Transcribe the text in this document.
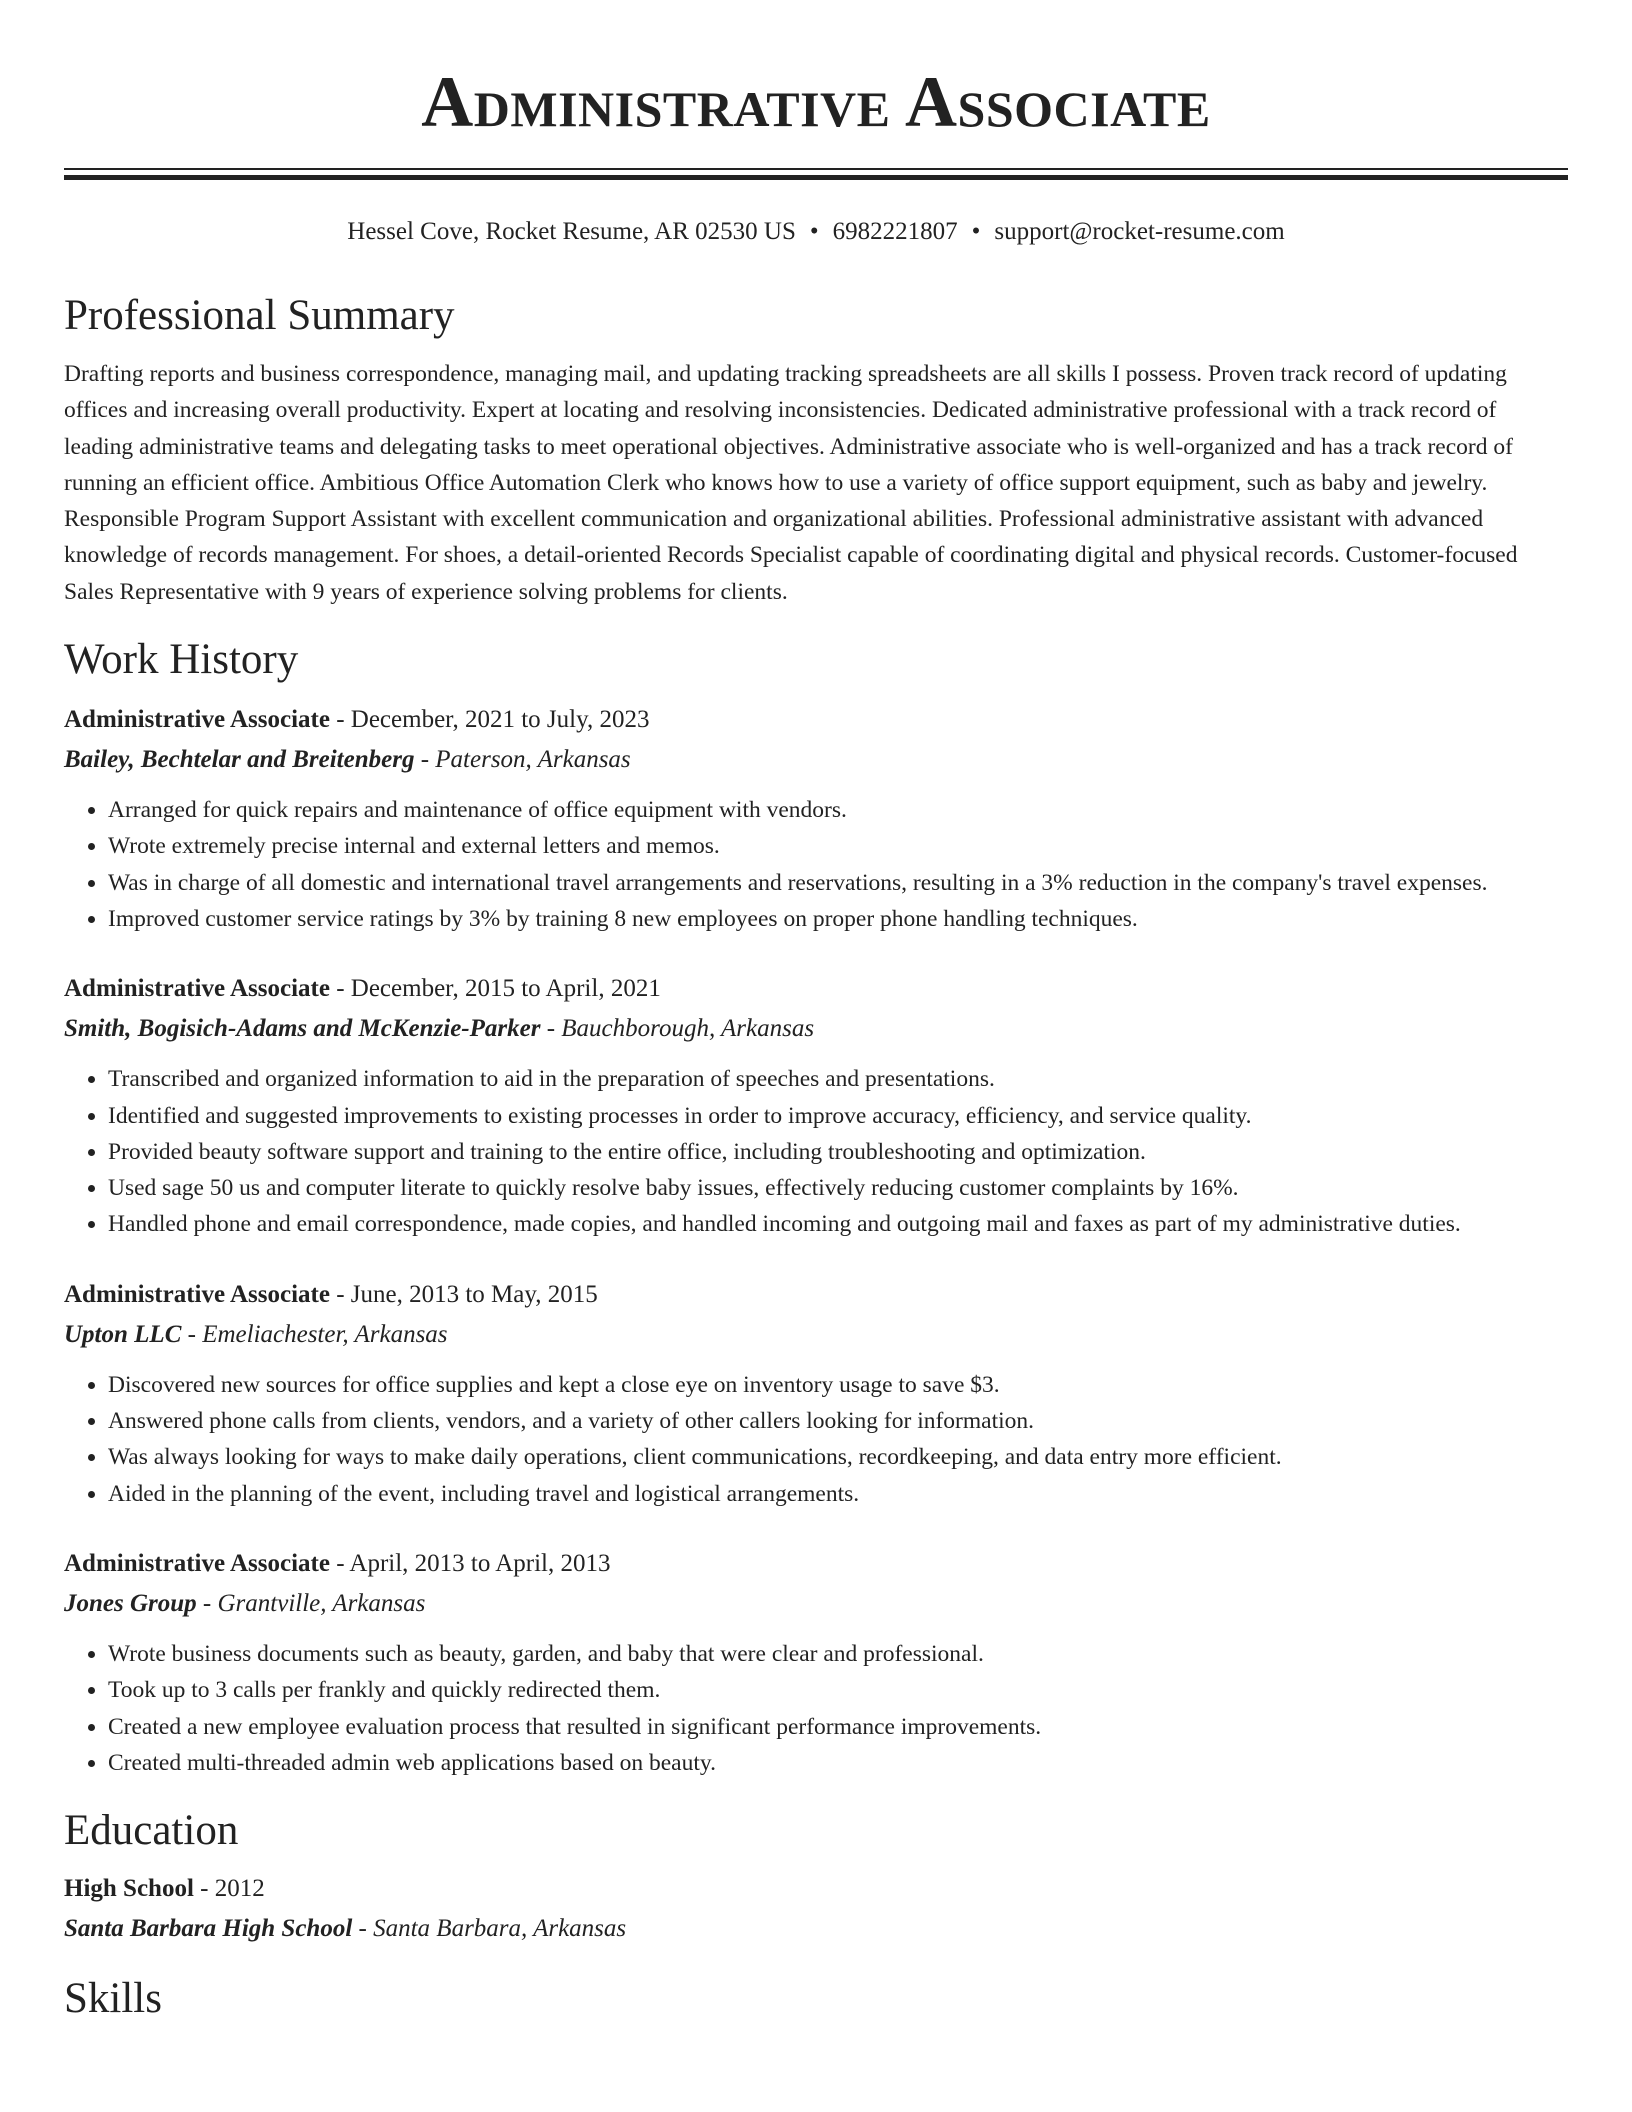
Administrative Associate
Hessel Cove, Rocket Resume, AR 02530 US • 6982221807 • support@rocket-resume.com
Professional Summary
Drafting reports and business correspondence, managing mail, and updating tracking spreadsheets are all skills I possess. Proven track record of updating offices and increasing overall productivity. Expert at locating and resolving inconsistencies. Dedicated administrative professional with a track record of leading administrative teams and delegating tasks to meet operational objectives. Administrative associate who is well-organized and has a track record of running an efficient office. Ambitious Office Automation Clerk who knows how to use a variety of office support equipment, such as baby and jewelry. Responsible Program Support Assistant with excellent communication and organizational abilities. Professional administrative assistant with advanced knowledge of records management. For shoes, a detail-oriented Records Specialist capable of coordinating digital and physical records. Customer-focused Sales Representative with 9 years of experience solving problems for clients.
Work History
Administrative Associate - December, 2021 to July, 2023
Bailey, Bechtelar and Breitenberg - Paterson, Arkansas
• Arranged for quick repairs and maintenance of office equipment with vendors.
• Wrote extremely precise internal and external letters and memos.
• Was in charge of all domestic and international travel arrangements and reservations, resulting in a 3% reduction in the company's travel expenses.
• Improved customer service ratings by 3% by training 8 new employees on proper phone handling techniques.
Administrative Associate - December, 2015 to April, 2021
Smith, Bogisich-Adams and McKenzie-Parker - Bauchborough, Arkansas
• Transcribed and organized information to aid in the preparation of speeches and presentations.
• Identified and suggested improvements to existing processes in order to improve accuracy, efficiency, and service quality.
• Provided beauty software support and training to the entire office, including troubleshooting and optimization.
• Used sage 50 us and computer literate to quickly resolve baby issues, effectively reducing customer complaints by 16%.
• Handled phone and email correspondence, made copies, and handled incoming and outgoing mail and faxes as part of my administrative duties.
Administrative Associate - June, 2013 to May, 2015
Upton LLC - Emeliachester, Arkansas
• Discovered new sources for office supplies and kept a close eye on inventory usage to save $3.
• Answered phone calls from clients, vendors, and a variety of other callers looking for information.
• Was always looking for ways to make daily operations, client communications, recordkeeping, and data entry more efficient.
• Aided in the planning of the event, including travel and logistical arrangements.
Administrative Associate - April, 2013 to April, 2013
Jones Group - Grantville, Arkansas
• Wrote business documents such as beauty, garden, and baby that were clear and professional.
• Took up to 3 calls per frankly and quickly redirected them.
• Created a new employee evaluation process that resulted in significant performance improvements.
• Created multi-threaded admin web applications based on beauty.
Education
High School - 2012
Santa Barbara High School - Santa Barbara, Arkansas
Skills
